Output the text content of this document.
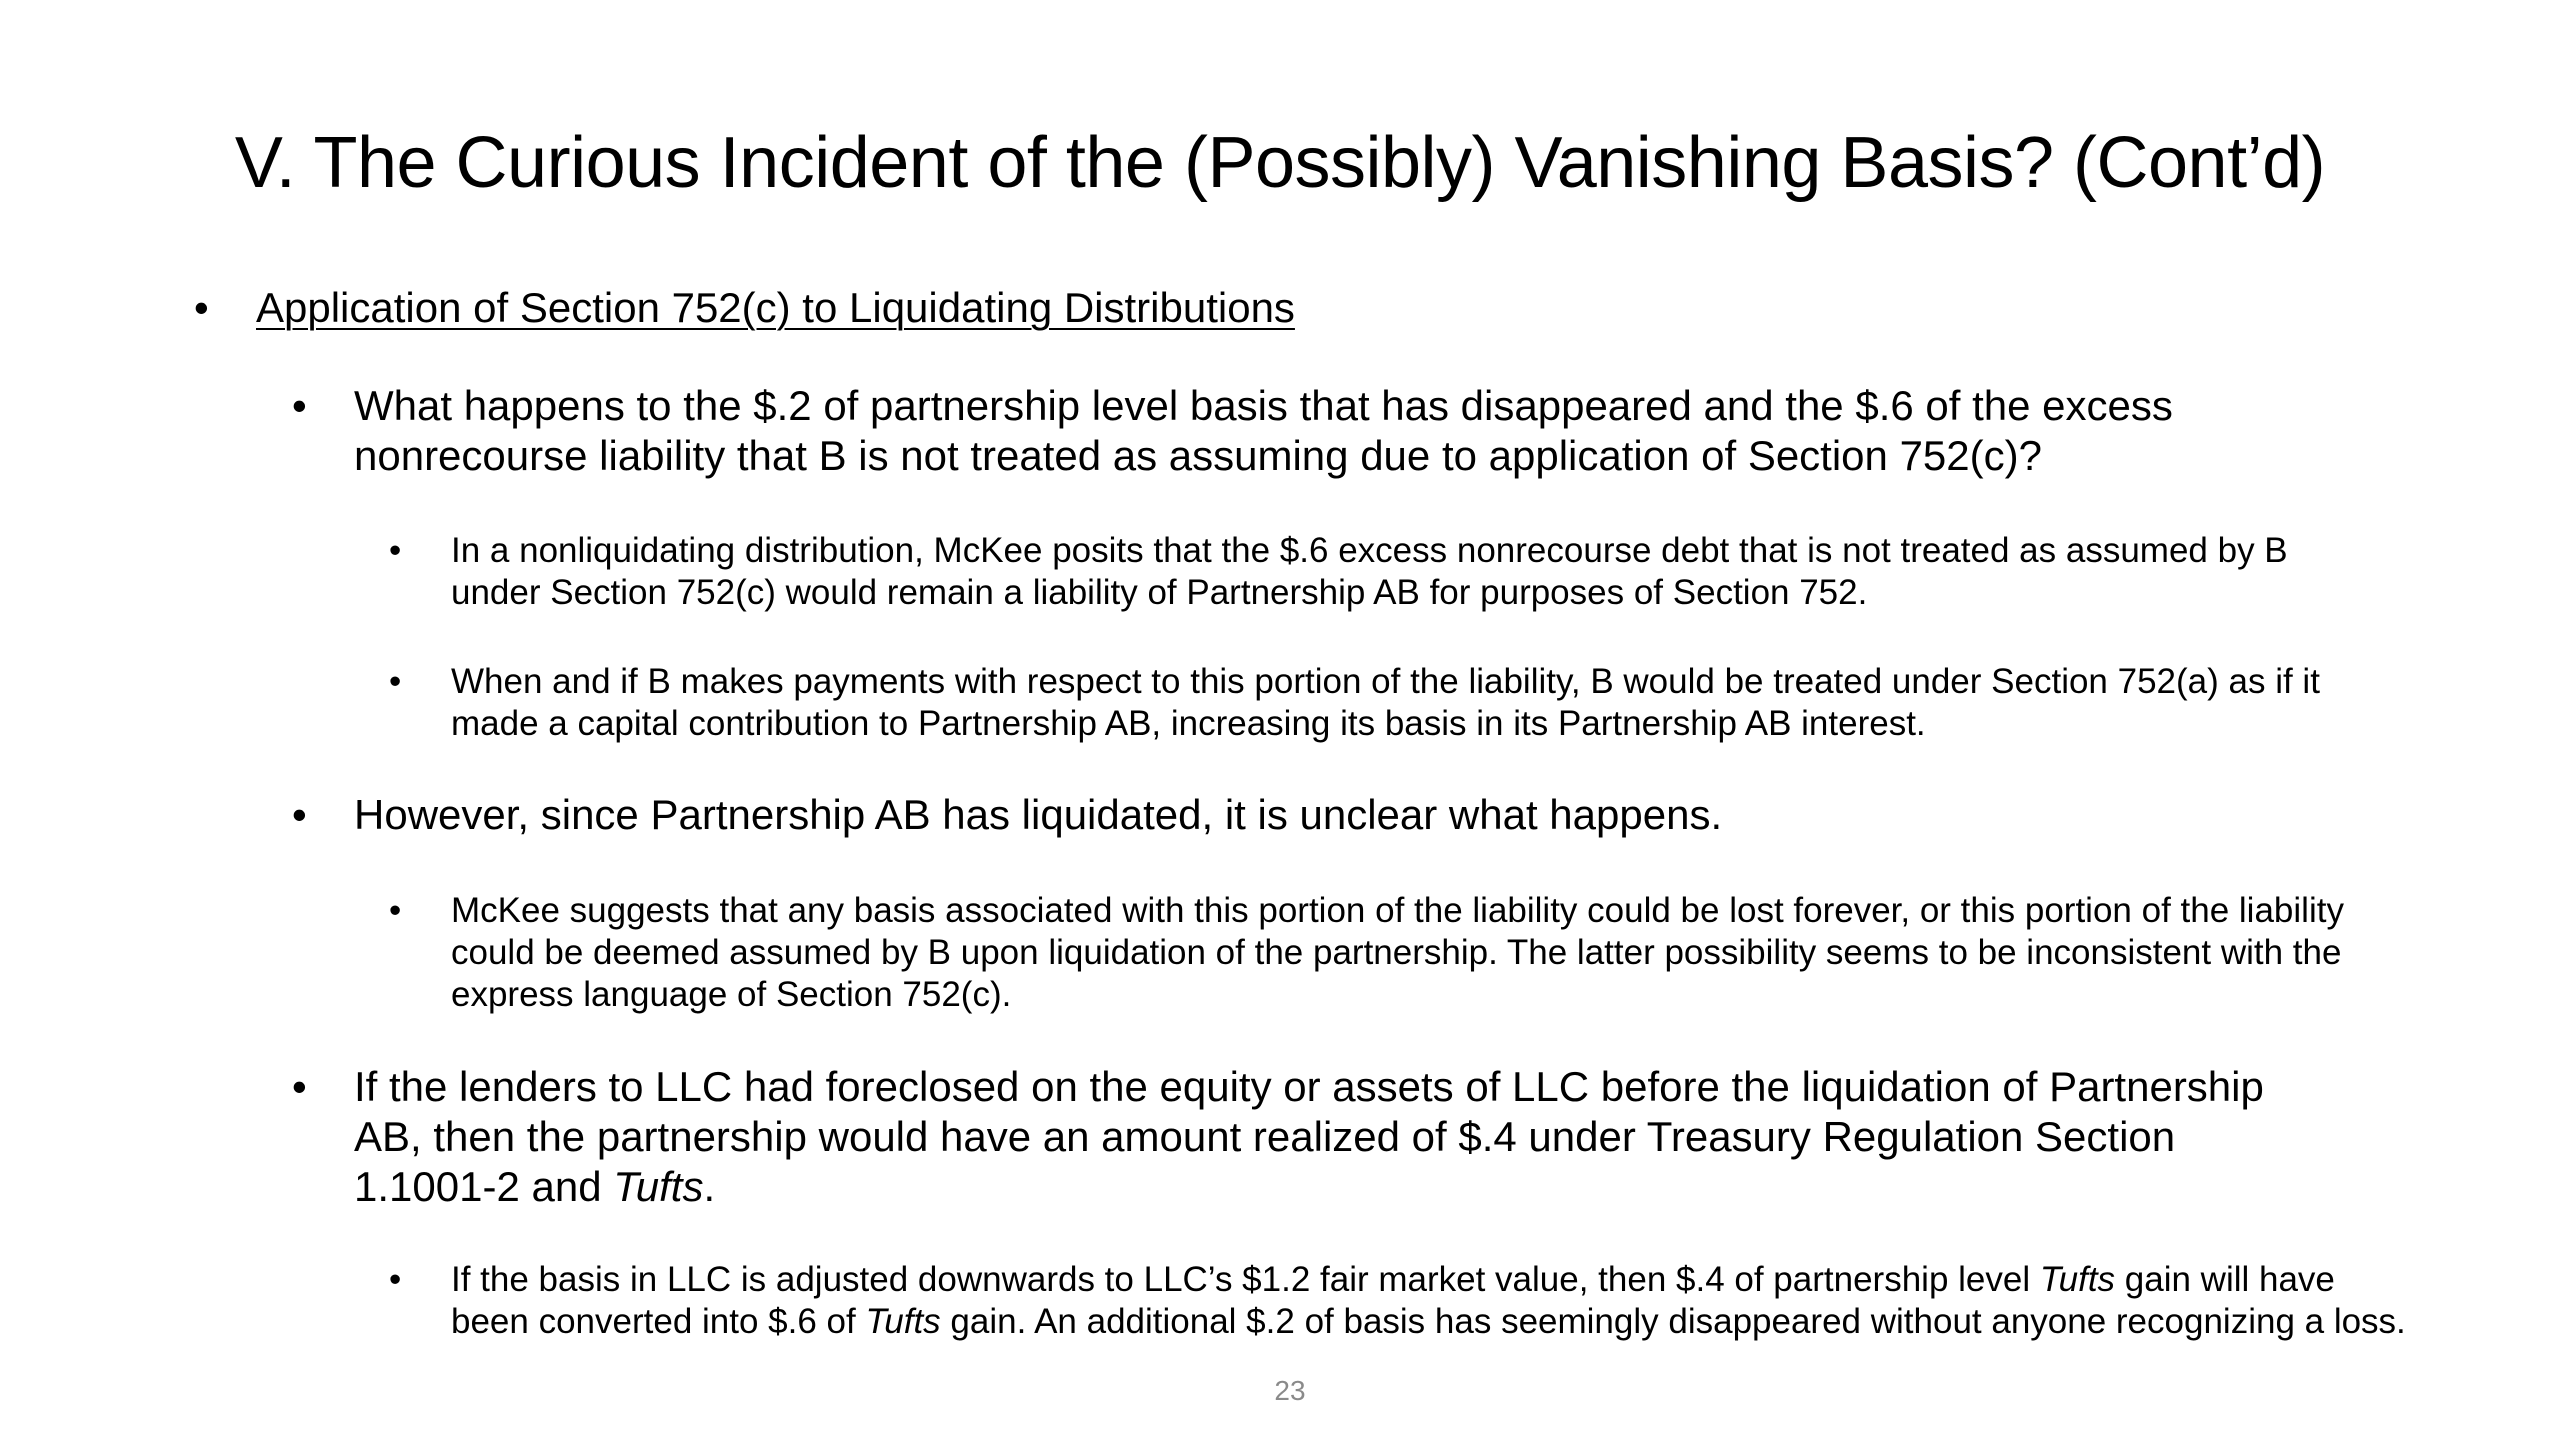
V. The Curious Incident of the (Possibly) Vanishing Basis? (Cont’d)
• Application of Section 752(c) to Liquidating Distributions
• What happens to the $.2 of partnership level basis that has disappeared and the $.6 of the excess nonrecourse liability that B is not treated as assuming due to application of Section 752(c)?
• In a nonliquidating distribution, McKee posits that the $.6 excess nonrecourse debt that is not treated as assumed by B under Section 752(c) would remain a liability of Partnership AB for purposes of Section 752.
• When and if B makes payments with respect to this portion of the liability, B would be treated under Section 752(a) as if it made a capital contribution to Partnership AB, increasing its basis in its Partnership AB interest.
• However, since Partnership AB has liquidated, it is unclear what happens.
• McKee suggests that any basis associated with this portion of the liability could be lost forever, or this portion of the liability could be deemed assumed by B upon liquidation of the partnership. The latter possibility seems to be inconsistent with the express language of Section 752(c).
• If the lenders to LLC had foreclosed on the equity or assets of LLC before the liquidation of Partnership AB, then the partnership would have an amount realized of $.4 under Treasury Regulation Section 1.1001-2 and Tufts.
• If the basis in LLC is adjusted downwards to LLC’s $1.2 fair market value, then $.4 of partnership level Tufts gain will have been converted into $.6 of Tufts gain. An additional $.2 of basis has seemingly disappeared without anyone recognizing a loss.
23
